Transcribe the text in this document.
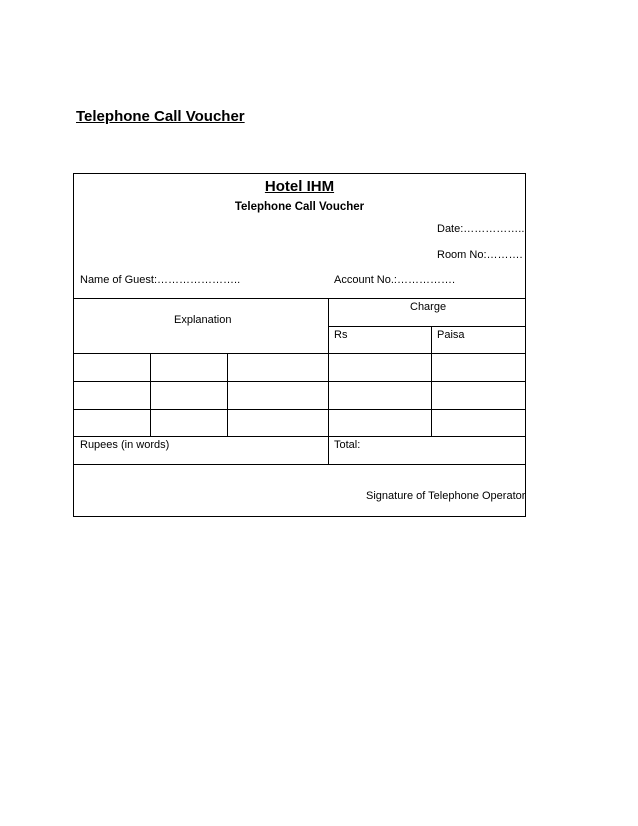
Telephone Call Voucher
Hotel IHM
Telephone Call Voucher
Date:……………..
Room No:……….
Name of Guest:…………………..	Account No.:…………….
Explanation
Charge
Rs	Paisa
Rupees (in words)	Total:
Signature of Telephone Operator
